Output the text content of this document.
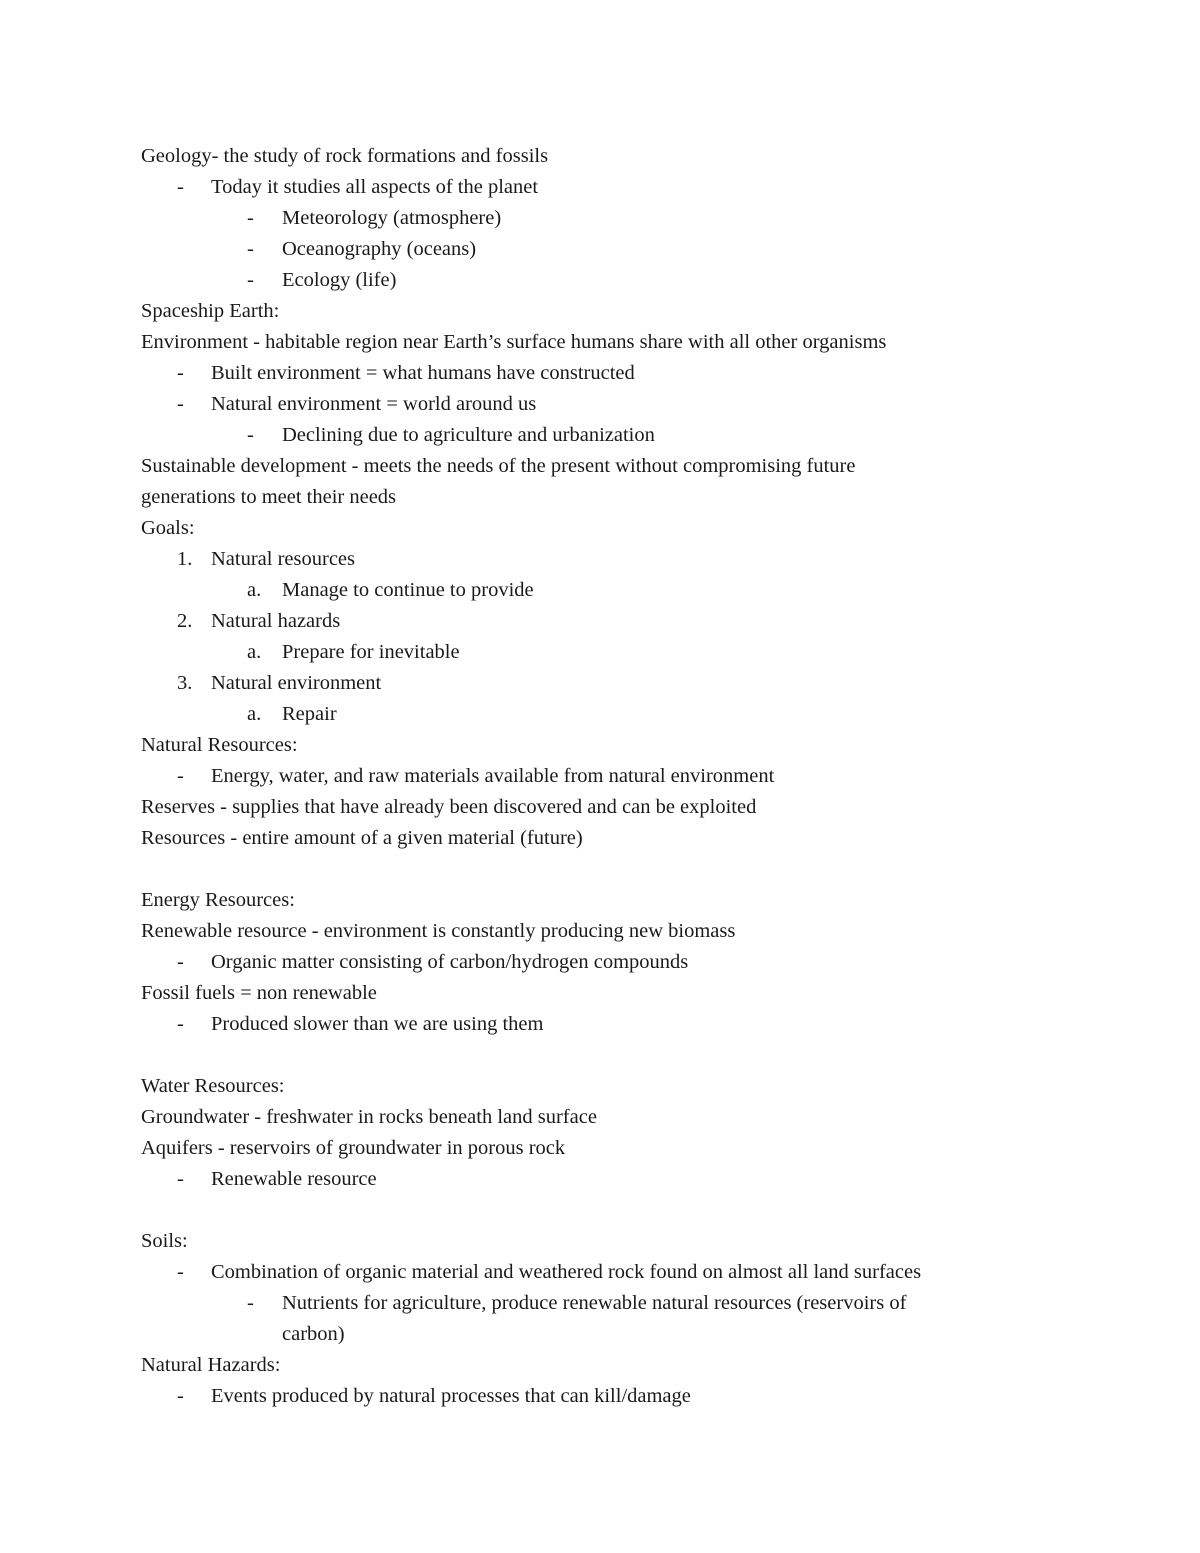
Geology- the study of rock formations and fossils
- Today it studies all aspects of the planet
- Meteorology (atmosphere)
- Oceanography (oceans)
- Ecology (life)
Spaceship Earth:
Environment - habitable region near Earth’s surface humans share with all other organisms
- Built environment = what humans have constructed
- Natural environment = world around us
- Declining due to agriculture and urbanization
Sustainable development - meets the needs of the present without compromising future
generations to meet their needs
Goals:
1. Natural resources
a. Manage to continue to provide
2. Natural hazards
a. Prepare for inevitable
3. Natural environment
a. Repair
Natural Resources:
- Energy, water, and raw materials available from natural environment
Reserves - supplies that have already been discovered and can be exploited
Resources - entire amount of a given material (future)
Energy Resources:
Renewable resource - environment is constantly producing new biomass
- Organic matter consisting of carbon/hydrogen compounds
Fossil fuels = non renewable
- Produced slower than we are using them
Water Resources:
Groundwater - freshwater in rocks beneath land surface
Aquifers - reservoirs of groundwater in porous rock
- Renewable resource
Soils:
- Combination of organic material and weathered rock found on almost all land surfaces
- Nutrients for agriculture, produce renewable natural resources (reservoirs of
carbon)
Natural Hazards:
- Events produced by natural processes that can kill/damage
